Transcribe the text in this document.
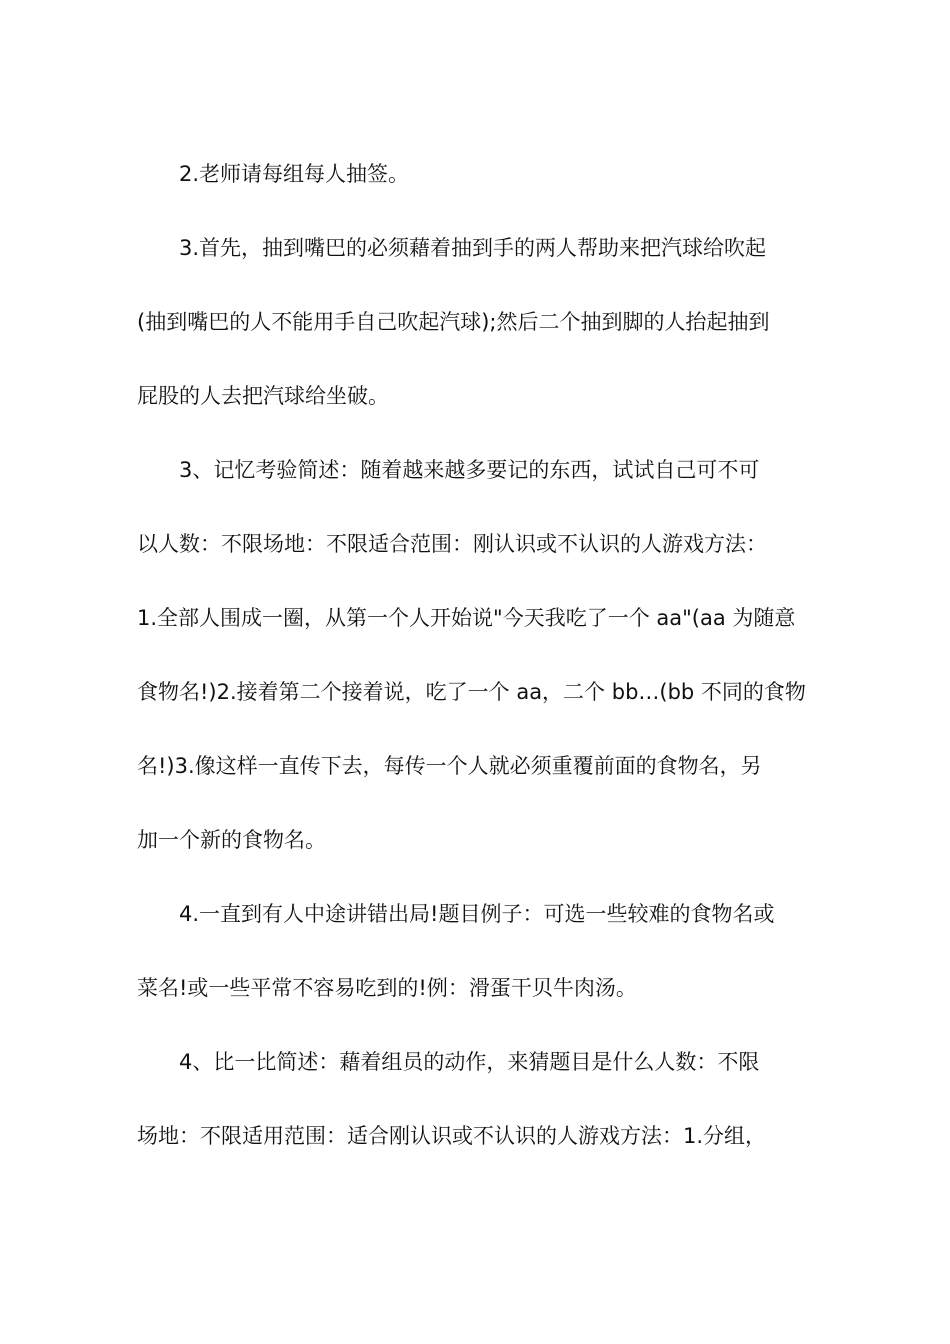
2.老师请每组每人抽签。

3.首先，抽到嘴巴的必须藉着抽到手的两人帮助来把汽球给吹起

(抽到嘴巴的人不能用手自己吹起汽球);然后二个抽到脚的人抬起抽到

屁股的人去把汽球给坐破。

3、记忆考验简述：随着越来越多要记的东西，试试自己可不可

以人数：不限场地：不限适合范围：刚认识或不认识的人游戏方法：

1.全部人围成一圈，从第一个人开始说"今天我吃了一个 aa"(aa 为随意

食物名!)2.接着第二个接着说，吃了一个 aa，二个 bb…(bb 不同的食物

名!)3.像这样一直传下去，每传一个人就必须重覆前面的食物名，另

加一个新的食物名。

4.一直到有人中途讲错出局!题目例子：可选一些较难的食物名或

菜名!或一些平常不容易吃到的!例：滑蛋干贝牛肉汤。

4、比一比简述：藉着组员的动作，来猜题目是什么人数：不限

场地：不限适用范围：适合刚认识或不认识的人游戏方法：1.分组，
